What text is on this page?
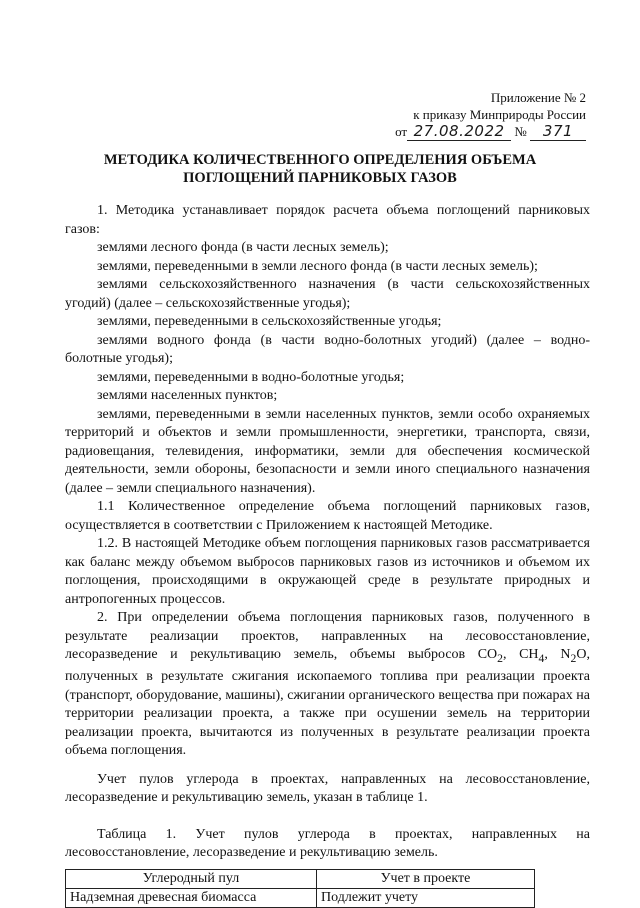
Приложение № 2
к приказу Минприроды России
от 27.08.2022 № 371
МЕТОДИКА КОЛИЧЕСТВЕННОГО ОПРЕДЕЛЕНИЯ ОБЪЕМА
ПОГЛОЩЕНИЙ ПАРНИКОВЫХ ГАЗОВ

1. Методика устанавливает порядок расчета объема поглощений парниковых газов:

землями лесного фонда (в части лесных земель);

землями, переведенными в земли лесного фонда (в части лесных земель);

землями сельскохозяйственного назначения (в части сельскохозяйственных угодий) (далее – сельскохозяйственные угодья);

землями, переведенными в сельскохозяйственные угодья;

землями водного фонда (в части водно-болотных угодий) (далее – водно-болотные угодья);

землями, переведенными в водно-болотные угодья;

землями населенных пунктов;

землями, переведенными в земли населенных пунктов, земли особо охраняемых территорий и объектов и земли промышленности, энергетики, транспорта, связи, радиовещания, телевидения, информатики, земли для обеспечения космической деятельности, земли обороны, безопасности и земли иного специального назначения (далее – земли специального назначения).

1.1 Количественное определение объема поглощений парниковых газов, осуществляется в соответствии с Приложением к настоящей Методике.

1.2. В настоящей Методике объем поглощения парниковых газов рассматривается как баланс между объемом выбросов парниковых газов из источников и объемом их поглощения, происходящими в окружающей среде в результате природных и антропогенных процессов.

2. При определении объема поглощения парниковых газов, полученного в результате реализации проектов, направленных на лесовосстановление, лесоразведение и рекультивацию земель, объемы выбросов $CO_2$, $CH_4$, $N_2O$, полученных в результате сжигания ископаемого топлива при реализации проекта (транспорт, оборудование, машины), сжигании органического вещества при пожарах на территории реализации проекта, а также при осушении земель на территории реализации проекта, вычитаются из полученных в результате реализации проекта объема поглощения.

Учет пулов углерода в проектах, направленных на лесовосстановление, лесоразведение и рекультивацию земель, указан в таблице 1.

Таблица 1. Учет пулов углерода в проектах, направленных на лесовосстановление, лесоразведение и рекультивацию земель.

Углеродный пул	Учет в проекте
Надземная древесная биомасса	Подлежит учету
